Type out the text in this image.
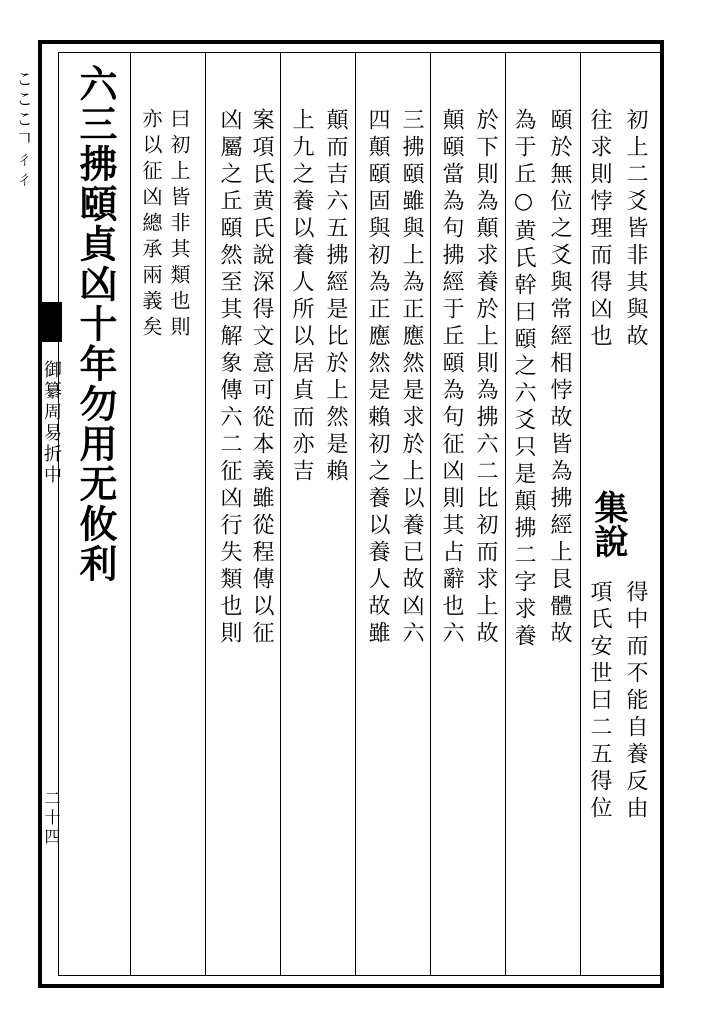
こここ𠃍ㄔㄔ
御纂周易折中
二十四
六三拂頤貞凶十年勿用无攸利 曰初上皆非其類也則
亦以征凶總承兩義矣	案項氏黄氏說深得文意可從本義雖從程傳以征
凶屬之丘頤然至其解象傳六二征凶行失類也則 上九之養以養人所以居貞而亦吉 顛而吉六五拂經是比於上然是賴 四顛頤固與初為正應然是賴初之養以養人故雖 三拂頤雖與上為正應然是求於上以養已故凶六 顛頤當為句拂經于丘頤為句征凶則其占辭也六 於下則為顛求養於上則為拂六二比初而求上故 為于丘○黄氏幹曰頤之六爻只是顛拂二字求養 頤於無位之爻與常經相悖故皆為拂經上艮體故 往求則悖理而得凶也
集說
項氏安世曰二五得位
初上二爻皆非其與故
得中而不能自養反由
